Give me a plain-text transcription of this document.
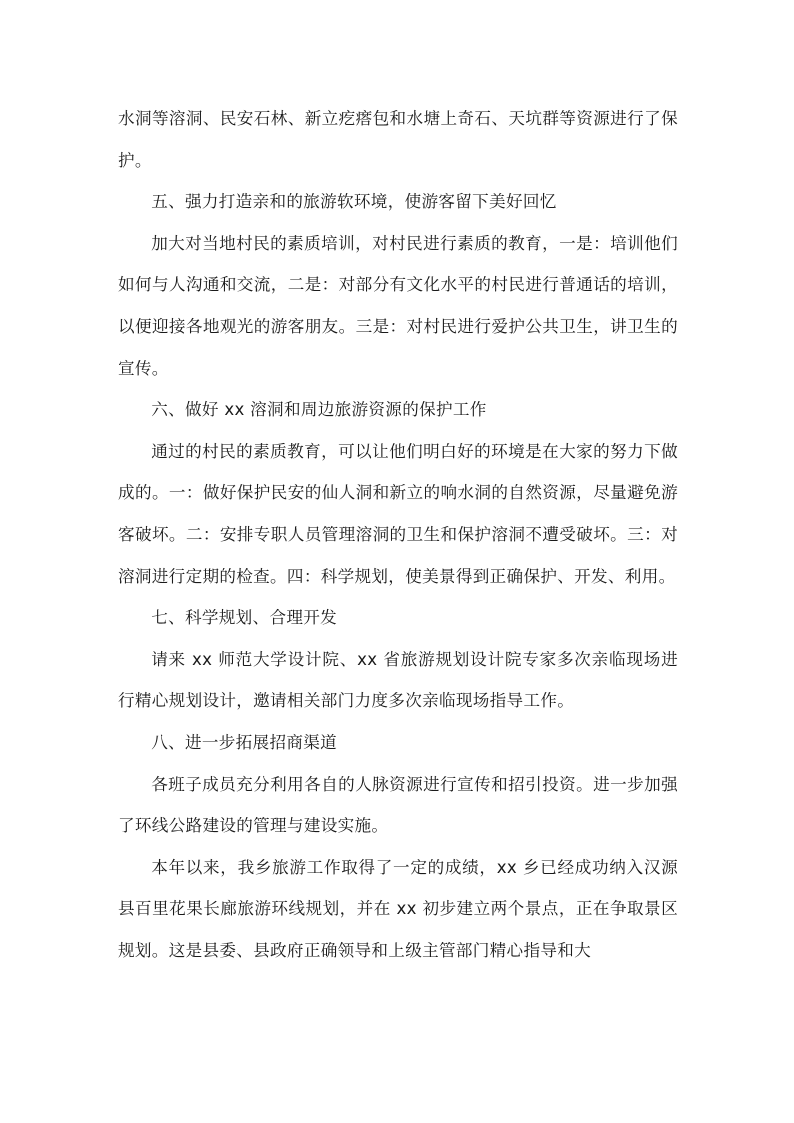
水洞等溶洞、民安石林、新立疙瘩包和水塘上奇石、天坑群等资源进行了保护。

五、强力打造亲和的旅游软环境，使游客留下美好回忆

加大对当地村民的素质培训，对村民进行素质的教育，一是：培训他们如何与人沟通和交流，二是：对部分有文化水平的村民进行普通话的培训，以便迎接各地观光的游客朋友。三是：对村民进行爱护公共卫生，讲卫生的宣传。

六、做好 xx 溶洞和周边旅游资源的保护工作

通过的村民的素质教育，可以让他们明白好的环境是在大家的努力下做成的。一：做好保护民安的仙人洞和新立的响水洞的自然资源，尽量避免游客破坏。二：安排专职人员管理溶洞的卫生和保护溶洞不遭受破坏。三：对溶洞进行定期的检查。四：科学规划，使美景得到正确保护、开发、利用。

七、科学规划、合理开发

请来 xx 师范大学设计院、xx 省旅游规划设计院专家多次亲临现场进行精心规划设计，邀请相关部门力度多次亲临现场指导工作。

八、进一步拓展招商渠道

各班子成员充分利用各自的人脉资源进行宣传和招引投资。进一步加强了环线公路建设的管理与建设实施。

本年以来，我乡旅游工作取得了一定的成绩，xx 乡已经成功纳入汉源县百里花果长廊旅游环线规划，并在 xx 初步建立两个景点，正在争取景区规划。这是县委、县政府正确领导和上级主管部门精心指导和大
